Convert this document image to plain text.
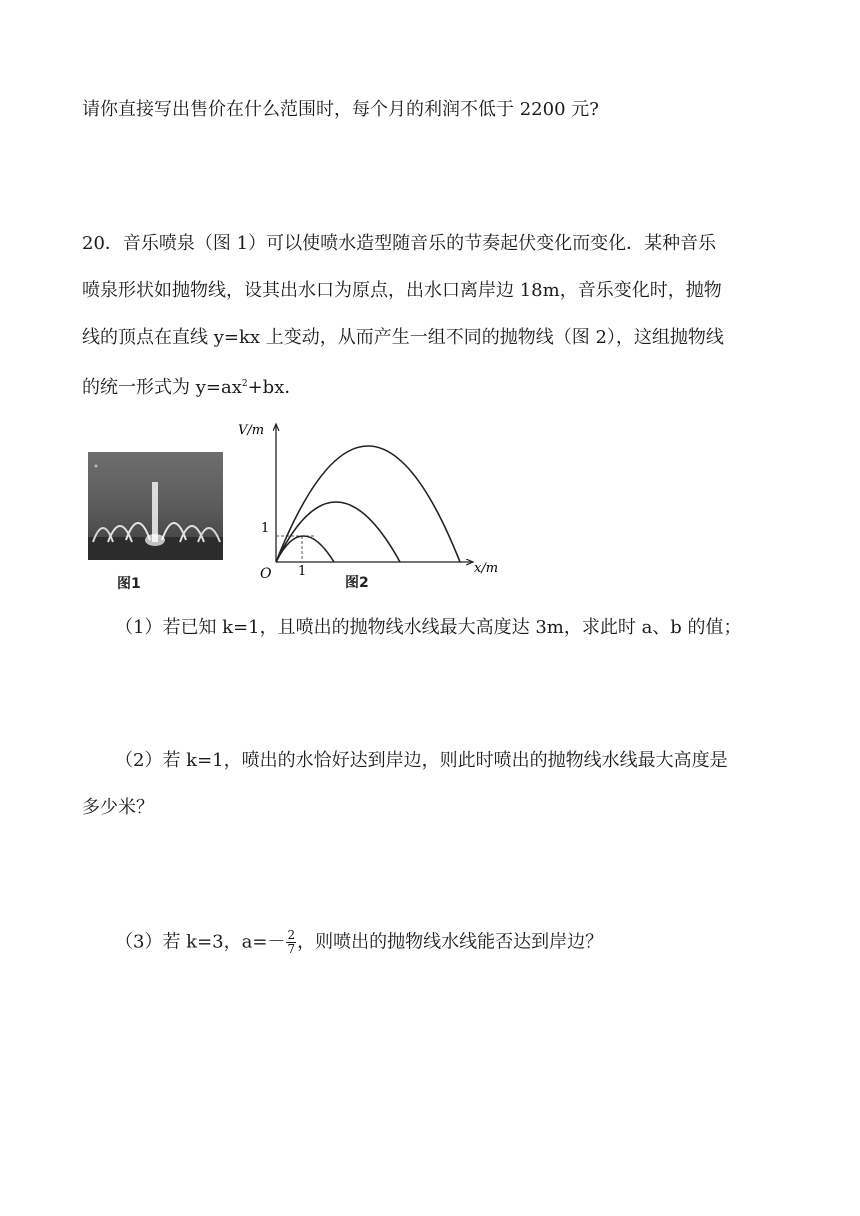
请你直接写出售价在什么范围时，每个月的利润不低于 2200 元?
20．音乐喷泉（图 1）可以使喷水造型随音乐的节奏起伏变化而变化．某种音乐
喷泉形状如抛物线，设其出水口为原点，出水口离岸边 18m，音乐变化时，抛物
线的顶点在直线 y=kx 上变动，从而产生一组不同的抛物线（图 2），这组抛物线
的统一形式为 $y=ax^2+bx$．
图1
V/m
x/m
O 1
1
图2
（1）若已知 k=1，且喷出的抛物线水线最大高度达 3m，求此时 a、b 的值；
（2）若 k=1，喷出的水恰好达到岸边，则此时喷出的抛物线水线最大高度是
多少米？
（3）若 k=3，$a=- \frac{2}{7}$ ，则喷出的抛物线水线能否达到岸边？
